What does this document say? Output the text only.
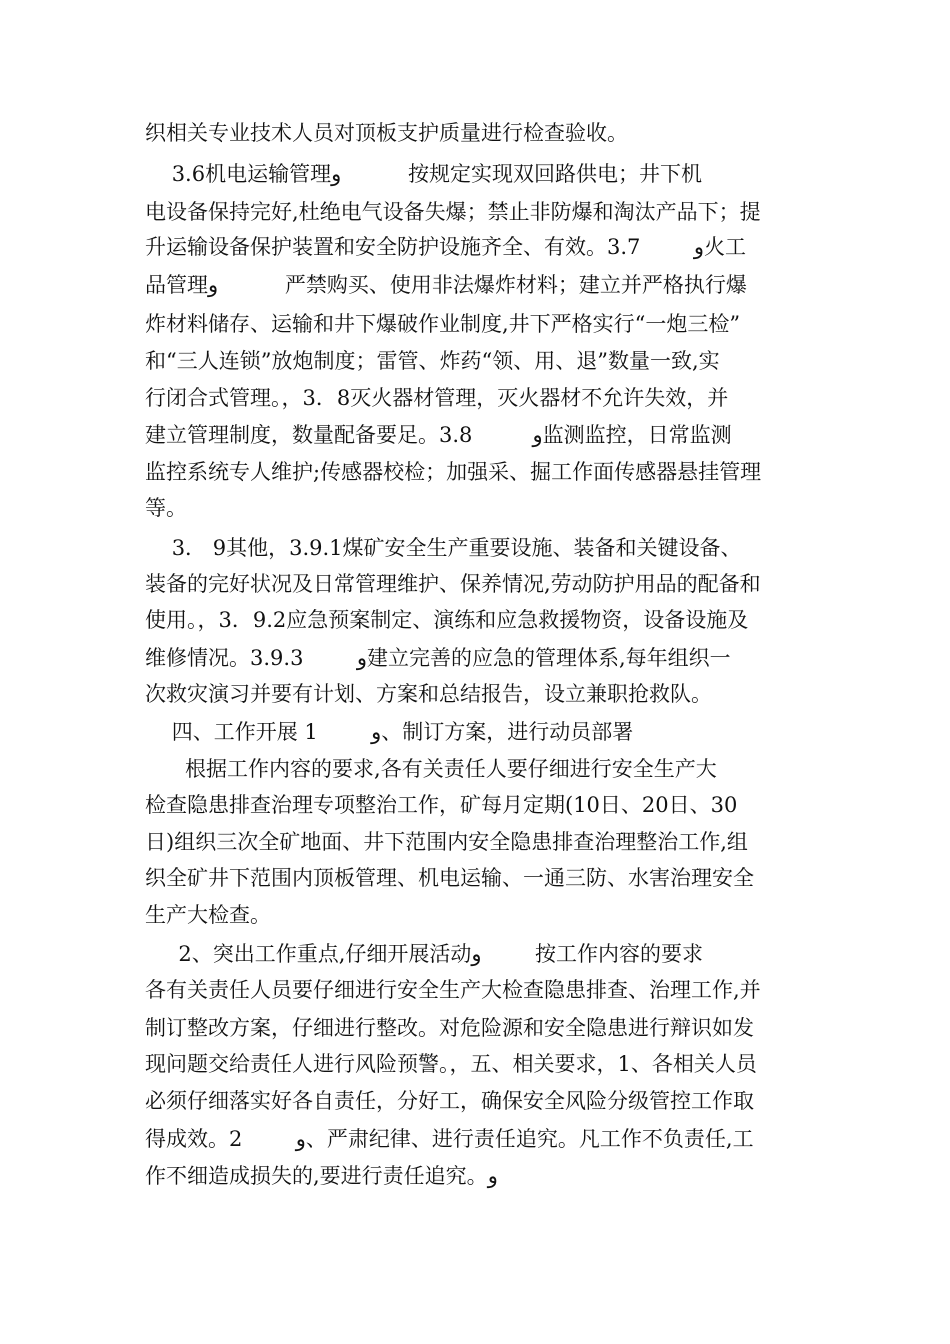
织相关专业技术人员对顶板支护质量进行检查验收。
3.6机电运输管理و          按规定实现双回路供电；井下机
电设备保持完好,杜绝电气设备失爆；禁止非防爆和淘汰产品下；提
升运输设备保护装置和安全防护设施齐全、有效。3.7        و火工
品管理و          严禁购买、使用非法爆炸材料；建立并严格执行爆
炸材料储存、运输和井下爆破作业制度,井下严格实行“一炮三检”
和“三人连锁”放炮制度；雷管、炸药“领、用、退”数量一致,实
行闭合式管理。，3．8灭火器材管理，灭火器材不允许失效，并
建立管理制度，数量配备要足。3.8         و监测监控，日常监测
监控系统专人维护;传感器校检；加强采、掘工作面传感器悬挂管理
等。
3． 9其他，3.9.1煤矿安全生产重要设施、装备和关键设备、
装备的完好状况及日常管理维护、保养情况,劳动防护用品的配备和
使用。，3．9.2应急预案制定、演练和应急救援物资，设备设施及
维修情况。3.9.3        و建立完善的应急的管理体系,每年组织一
次救灾演习并要有计划、方案和总结报告，设立兼职抢救队。
四、工作开展 1        و、制订方案，进行动员部署
根据工作内容的要求,各有关责任人要仔细进行安全生产大
检查隐患排查治理专项整治工作，矿每月定期(10日、20日、30
日)组织三次全矿地面、井下范围内安全隐患排查治理整治工作,组
织全矿井下范围内顶板管理、机电运输、一通三防、水害治理安全
生产大检查。
2、突出工作重点,仔细开展活动و        按工作内容的要求
各有关责任人员要仔细进行安全生产大检查隐患排查、治理工作,并
制订整改方案，仔细进行整改。对危险源和安全隐患进行辩识如发
现问题交给责任人进行风险预警。，五、相关要求，1、各相关人员
必须仔细落实好各自责任，分好工，确保安全风险分级管控工作取
得成效。2        و、严肃纪律、进行责任追究。凡工作不负责任,工
作不细造成损失的,要进行责任追究。و
